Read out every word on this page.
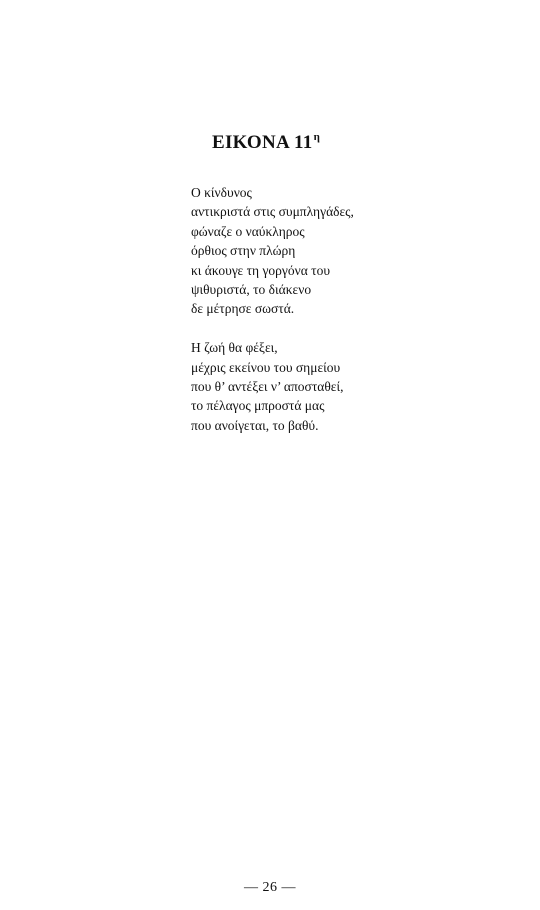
ΕΙΚΟΝΑ $11^\eta$
Ο κίνδυνος
αντικριστά στις συμπληγάδες,
φώναζε ο ναύκληρος
όρθιος στην πλώρη
κι άκουγε τη γοργόνα του
ψιθυριστά, το διάκενο
δε μέτρησε σωστά.
Η ζωή θα φέξει,
μέχρις εκείνου του σημείου
που θ’ αντέξει ν’ αποσταθεί,
το πέλαγος μπροστά μας
που ανοίγεται, το βαθύ.
— 26 —
